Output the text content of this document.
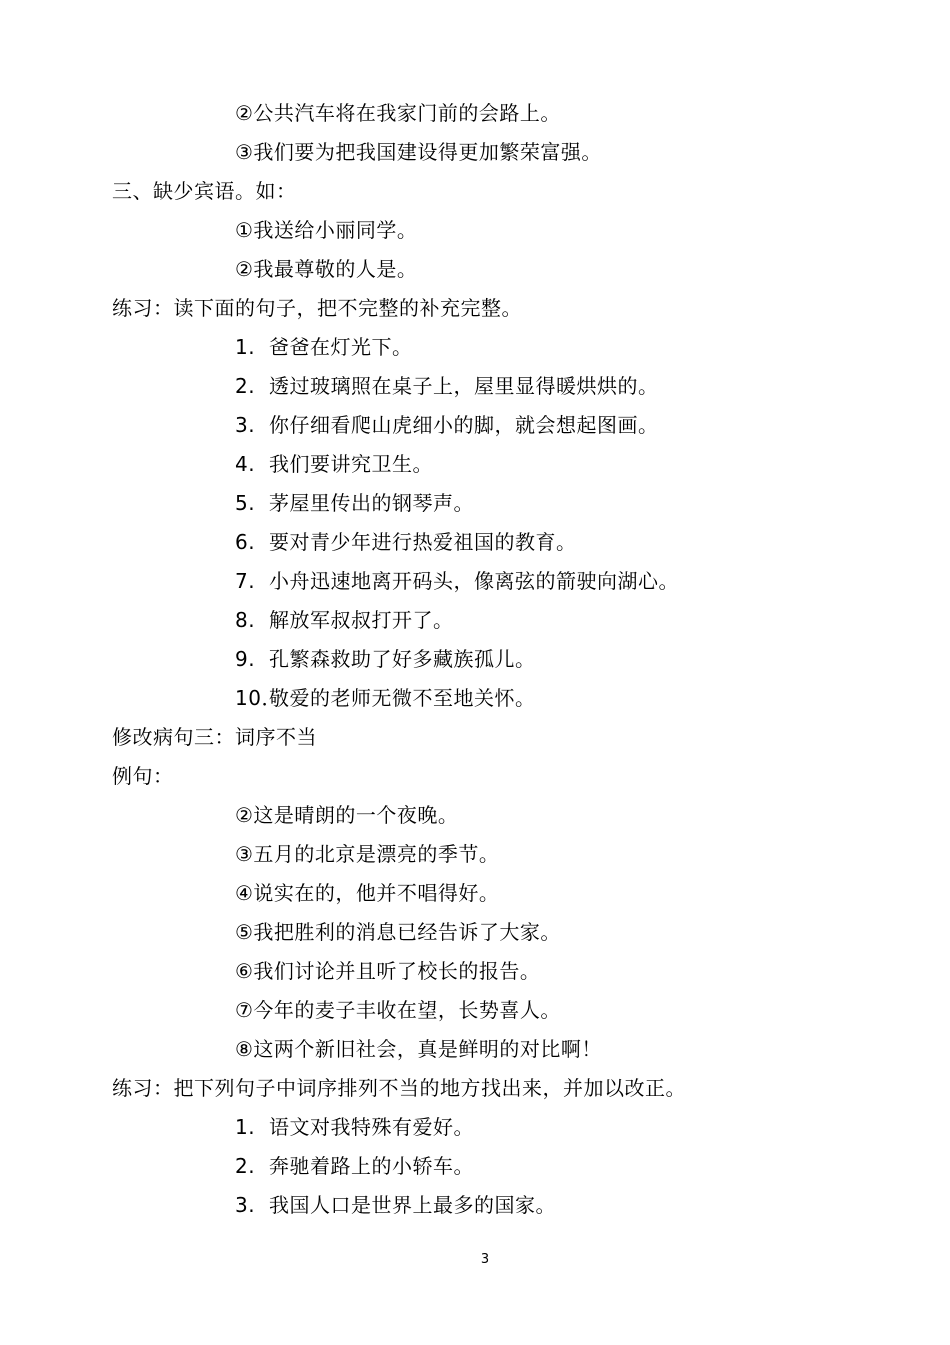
②公共汽车将在我家门前的会路上。
③我们要为把我国建设得更加繁荣富强。
三、缺少宾语。如：
①我送给小丽同学。
②我最尊敬的人是。
练习：读下面的句子，把不完整的补充完整。
1. 爸爸在灯光下。
2. 透过玻璃照在桌子上，屋里显得暖烘烘的。
3. 你仔细看爬山虎细小的脚，就会想起图画。
4. 我们要讲究卫生。
5. 茅屋里传出的钢琴声。
6. 要对青少年进行热爱祖国的教育。
7. 小舟迅速地离开码头，像离弦的箭驶向湖心。
8. 解放军叔叔打开了。
9. 孔繁森救助了好多藏族孤儿。
10．敬爱的老师无微不至地关怀。
修改病句三：词序不当
例句：
②这是晴朗的一个夜晚。
③五月的北京是漂亮的季节。
④说实在的，他并不唱得好。
⑤我把胜利的消息已经告诉了大家。
⑥我们讨论并且听了校长的报告。
⑦今年的麦子丰收在望，长势喜人。
⑧这两个新旧社会，真是鲜明的对比啊！
练习：把下列句子中词序排列不当的地方找出来，并加以改正。
1. 语文对我特殊有爱好。
2. 奔驰着路上的小轿车。
3. 我国人口是世界上最多的国家。
3
